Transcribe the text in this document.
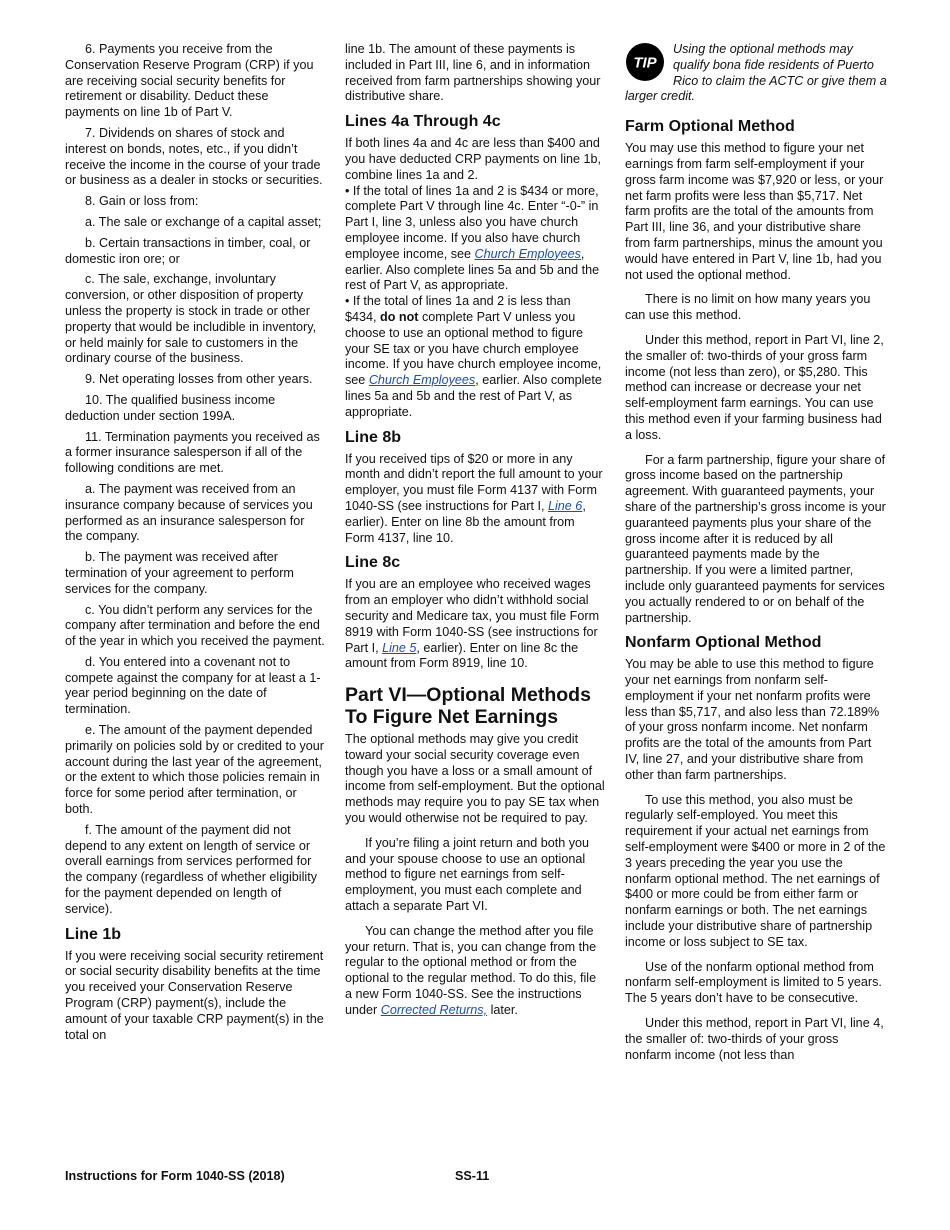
6. Payments you receive from the Conservation Reserve Program (CRP) if you are receiving social security benefits for retirement or disability. Deduct these payments on line 1b of Part V.

7. Dividends on shares of stock and interest on bonds, notes, etc., if you didn’t receive the income in the course of your trade or business as a dealer in stocks or securities.

8. Gain or loss from:

a. The sale or exchange of a capital asset;

b. Certain transactions in timber, coal, or domestic iron ore; or

c. The sale, exchange, involuntary conversion, or other disposition of property unless the property is stock in trade or other property that would be includible in inventory, or held mainly for sale to customers in the ordinary course of the business.

9. Net operating losses from other years.

10. The qualified business income deduction under section 199A.

11. Termination payments you received as a former insurance salesperson if all of the following conditions are met.

a. The payment was received from an insurance company because of services you performed as an insurance salesperson for the company.

b. The payment was received after termination of your agreement to perform services for the company.

c. You didn’t perform any services for the company after termination and before the end of the year in which you received the payment.

d. You entered into a covenant not to compete against the company for at least a 1-year period beginning on the date of termination.

e. The amount of the payment depended primarily on policies sold by or credited to your account during the last year of the agreement, or the extent to which those policies remain in force for some period after termination, or both.

f. The amount of the payment did not depend to any extent on length of service or overall earnings from services performed for the company (regardless of whether eligibility for the payment depended on length of service).

Line 1b

If you were receiving social security retirement or social security disability benefits at the time you received your Conservation Reserve Program (CRP) payment(s), include the amount of your taxable CRP payment(s) in the total on

line 1b. The amount of these payments is included in Part III, line 6, and in information received from farm partnerships showing your distributive share.

Lines 4a Through 4c

If both lines 4a and 4c are less than $400 and you have deducted CRP payments on line 1b, combine lines 1a and 2.

• If the total of lines 1a and 2 is $434 or more, complete Part V through line 4c. Enter “-0-” in Part I, line 3, unless also you have church employee income. If you also have church employee income, see Church Employees, earlier. Also complete lines 5a and 5b and the rest of Part V, as appropriate.

• If the total of lines 1a and 2 is less than $434, do not complete Part V unless you choose to use an optional method to figure your SE tax or you have church employee income. If you have church employee income, see Church Employees, earlier. Also complete lines 5a and 5b and the rest of Part V, as appropriate.

Line 8b

If you received tips of $20 or more in any month and didn’t report the full amount to your employer, you must file Form 4137 with Form 1040-SS (see instructions for Part I, Line 6, earlier). Enter on line 8b the amount from Form 4137, line 10.

Line 8c

If you are an employee who received wages from an employer who didn’t withhold social security and Medicare tax, you must file Form 8919 with Form 1040-SS (see instructions for Part I, Line 5, earlier). Enter on line 8c the amount from Form 8919, line 10.

Part VI—Optional Methods To Figure Net Earnings

The optional methods may give you credit toward your social security coverage even though you have a loss or a small amount of income from self-employment. But the optional methods may require you to pay SE tax when you would otherwise not be required to pay.

If you’re filing a joint return and both you and your spouse choose to use an optional method to figure net earnings from self-employment, you must each complete and attach a separate Part VI.

You can change the method after you file your return. That is, you can change from the regular to the optional method or from the optional to the regular method. To do this, file a new Form 1040-SS. See the instructions under Corrected Returns, later.

TIP
Using the optional methods may qualify bona fide residents of Puerto Rico to claim the ACTC or give them a larger credit.
Farm Optional Method

You may use this method to figure your net earnings from farm self-employment if your gross farm income was $7,920 or less, or your net farm profits were less than $5,717. Net farm profits are the total of the amounts from Part III, line 36, and your distributive share from farm partnerships, minus the amount you would have entered in Part V, line 1b, had you not used the optional method.

There is no limit on how many years you can use this method.

Under this method, report in Part VI, line 2, the smaller of: two-thirds of your gross farm income (not less than zero), or $5,280. This method can increase or decrease your net self-employment farm earnings. You can use this method even if your farming business had a loss.

For a farm partnership, figure your share of gross income based on the partnership agreement. With guaranteed payments, your share of the partnership’s gross income is your guaranteed payments plus your share of the gross income after it is reduced by all guaranteed payments made by the partnership. If you were a limited partner, include only guaranteed payments for services you actually rendered to or on behalf of the partnership.

Nonfarm Optional Method

You may be able to use this method to figure your net earnings from nonfarm self-employment if your net nonfarm profits were less than $5,717, and also less than 72.189% of your gross nonfarm income. Net nonfarm profits are the total of the amounts from Part IV, line 27, and your distributive share from other than farm partnerships.

To use this method, you also must be regularly self-employed. You meet this requirement if your actual net earnings from self-employment were $400 or more in 2 of the 3 years preceding the year you use the nonfarm optional method. The net earnings of $400 or more could be from either farm or nonfarm earnings or both. The net earnings include your distributive share of partnership income or loss subject to SE tax.

Use of the nonfarm optional method from nonfarm self-employment is limited to 5 years. The 5 years don’t have to be consecutive.

Under this method, report in Part VI, line 4, the smaller of: two-thirds of your gross nonfarm income (not less than

Instructions for Form 1040-SS (2018)	SS-11
